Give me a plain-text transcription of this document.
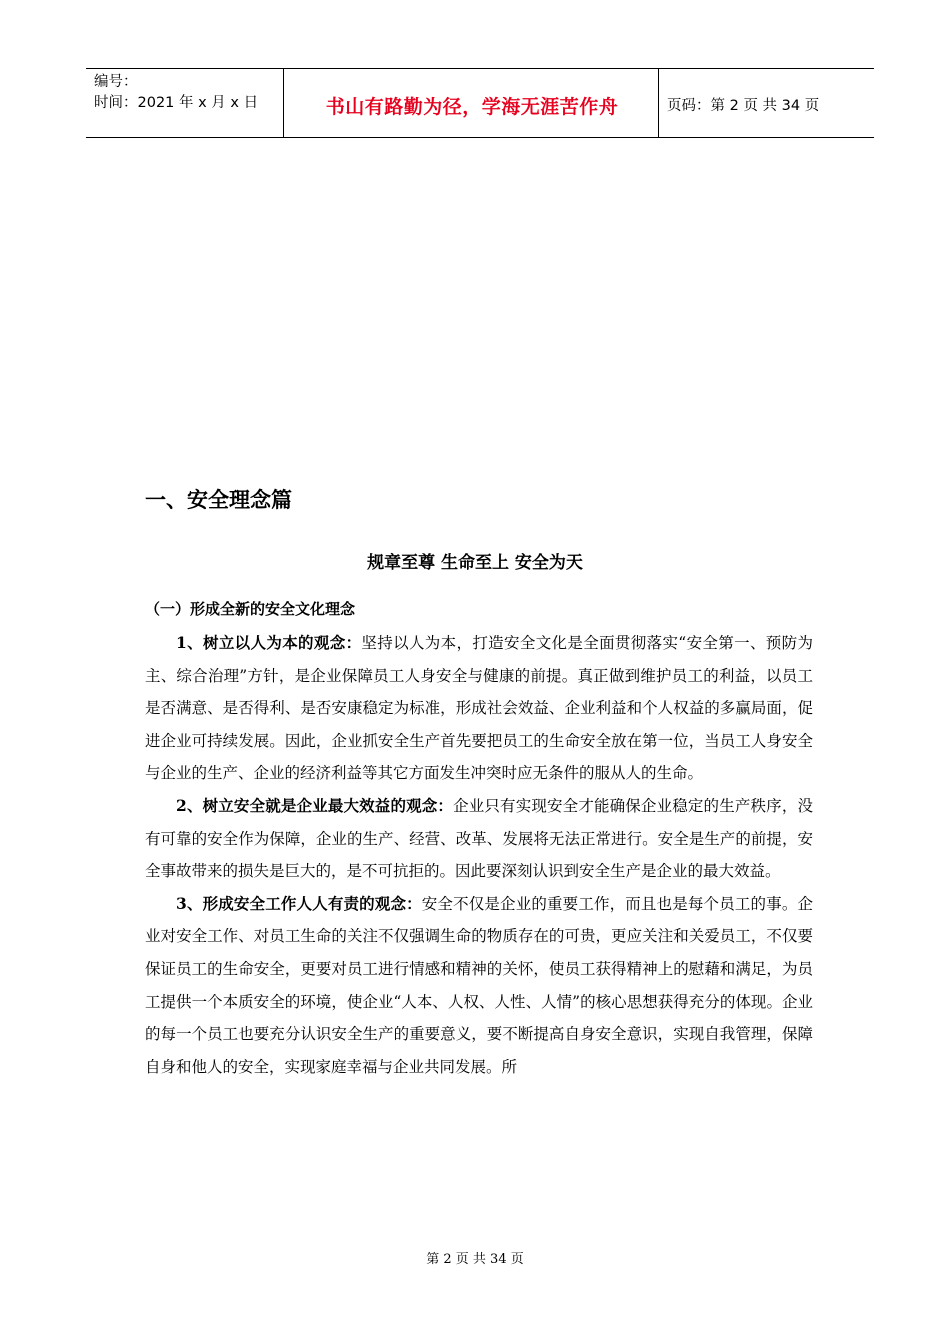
编号：
时间：2021 年 x 月 x 日	书山有路勤为径，学海无涯苦作舟	页码：第 2 页 共 34 页
一、安全理念篇
规章至尊 生命至上 安全为天
（一）形成全新的安全文化理念

1、树立以人为本的观念：坚持以人为本，打造安全文化是全面贯彻落实“安全第一、预防为主、综合治理”方针，是企业保障员工人身安全与健康的前提。真正做到维护员工的利益，以员工是否满意、是否得利、是否安康稳定为标准，形成社会效益、企业利益和个人权益的多赢局面，促进企业可持续发展。因此，企业抓安全生产首先要把员工的生命安全放在第一位，当员工人身安全与企业的生产、企业的经济利益等其它方面发生冲突时应无条件的服从人的生命。

2、树立安全就是企业最大效益的观念：企业只有实现安全才能确保企业稳定的生产秩序，没有可靠的安全作为保障，企业的生产、经营、改革、发展将无法正常进行。安全是生产的前提，安全事故带来的损失是巨大的，是不可抗拒的。因此要深刻认识到安全生产是企业的最大效益。

3、形成安全工作人人有责的观念：安全不仅是企业的重要工作，而且也是每个员工的事。企业对安全工作、对员工生命的关注不仅强调生命的物质存在的可贵，更应关注和关爱员工，不仅要保证员工的生命安全，更要对员工进行情感和精神的关怀，使员工获得精神上的慰藉和满足，为员工提供一个本质安全的环境，使企业“人本、人权、人性、人情”的核心思想获得充分的体现。企业的每一个员工也要充分认识安全生产的重要意义，要不断提高自身安全意识，实现自我管理，保障自身和他人的安全，实现家庭幸福与企业共同发展。所

第 2 页 共 34 页
